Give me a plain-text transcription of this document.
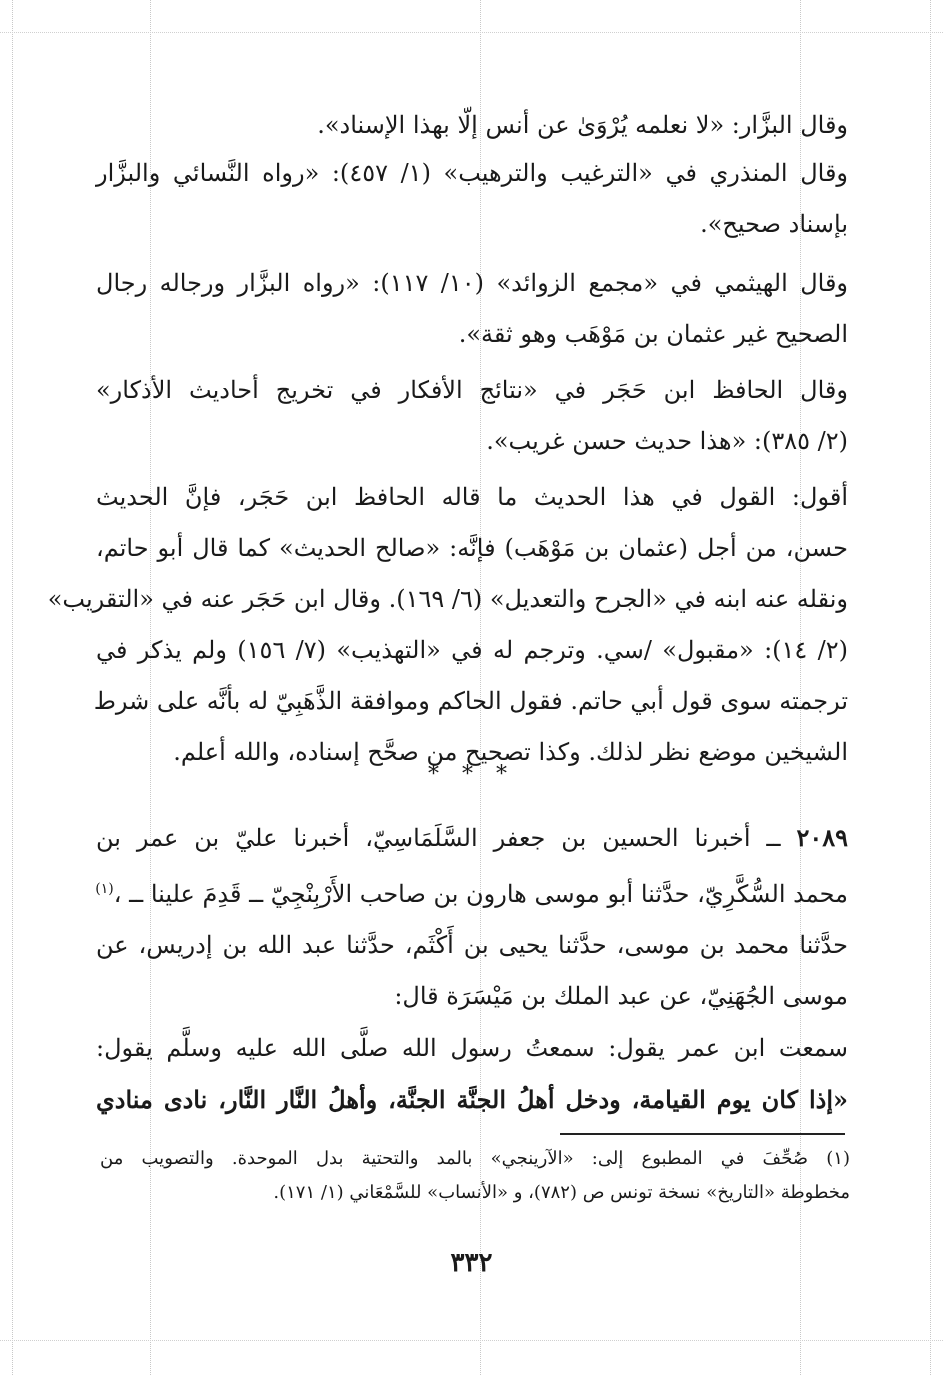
وقال البزَّار: «لا نعلمه يُرْوَىٰ عن أنس إلّا بهذا الإسناد».
وقال المنذري في «الترغيب والترهيب» (١/ ٤٥٧): «رواه النَّسائي والبزَّار
بإسناد صحيح».
وقال الهيثمي في «مجمع الزوائد» (١٠/ ١١٧): «رواه البزَّار ورجاله رجال
الصحيح غير عثمان بن مَوْهَب وهو ثقة».
وقال الحافظ ابن حَجَر في «نتائج الأفكار في تخريج أحاديث الأذكار»
(٢/ ٣٨٥): «هذا حديث حسن غريب».
أقول: القول في هذا الحديث ما قاله الحافظ ابن حَجَر، فإنَّ الحديث
حسن، من أجل (عثمان بن مَوْهَب) فإنَّه: «صالح الحديث» كما قال أبو حاتم،
ونقله عنه ابنه في «الجرح والتعديل» (٦/ ١٦٩). وقال ابن حَجَر عنه في «التقريب»
(٢/ ١٤): «مقبول» /سي. وترجم له في «التهذيب» (٧/ ١٥٦) ولم يذكر في
ترجمته سوى قول أبي حاتم. فقول الحاكم وموافقة الذَّهَبِيّ له بأنَّه على شرط
الشيخين موضع نظر لذلك. وكذا تصحيح من صحَّح إسناده، والله أعلم.
* * *
٢٠٨٩ ــ أخبرنا الحسين بن جعفر السَّلَمَاسِيّ، أخبرنا عليّ بن عمر بن
محمد السُّكَّرِيّ، حدَّثنا أبو موسى هارون بن صاحب الأَرْبِنْجِيّ ــ قَدِمَ علينا ــ ،$^{(١)}$
حدَّثنا محمد بن موسى، حدَّثنا يحيى بن أَكْثَم، حدَّثنا عبد الله بن إدريس، عن
موسى الجُهَنِيّ، عن عبد الملك بن مَيْسَرَة قال:
سمعت ابن عمر يقول: سمعتُ رسول الله صلَّى الله عليه وسلَّم يقول:
«إذا كان يوم القيامة، ودخل أهلُ الجنَّة الجنَّة، وأهلُ النَّار النَّار، نادى منادي
(١) صُحِّفَ في المطبوع إلى: «الآرينجي» بالمد والتحتية بدل الموحدة. والتصويب من
مخطوطة «التاريخ» نسخة تونس ص (٧٨٢)، و «الأنساب» للسَّمْعَاني (١/ ١٧١).
٣٣٢
